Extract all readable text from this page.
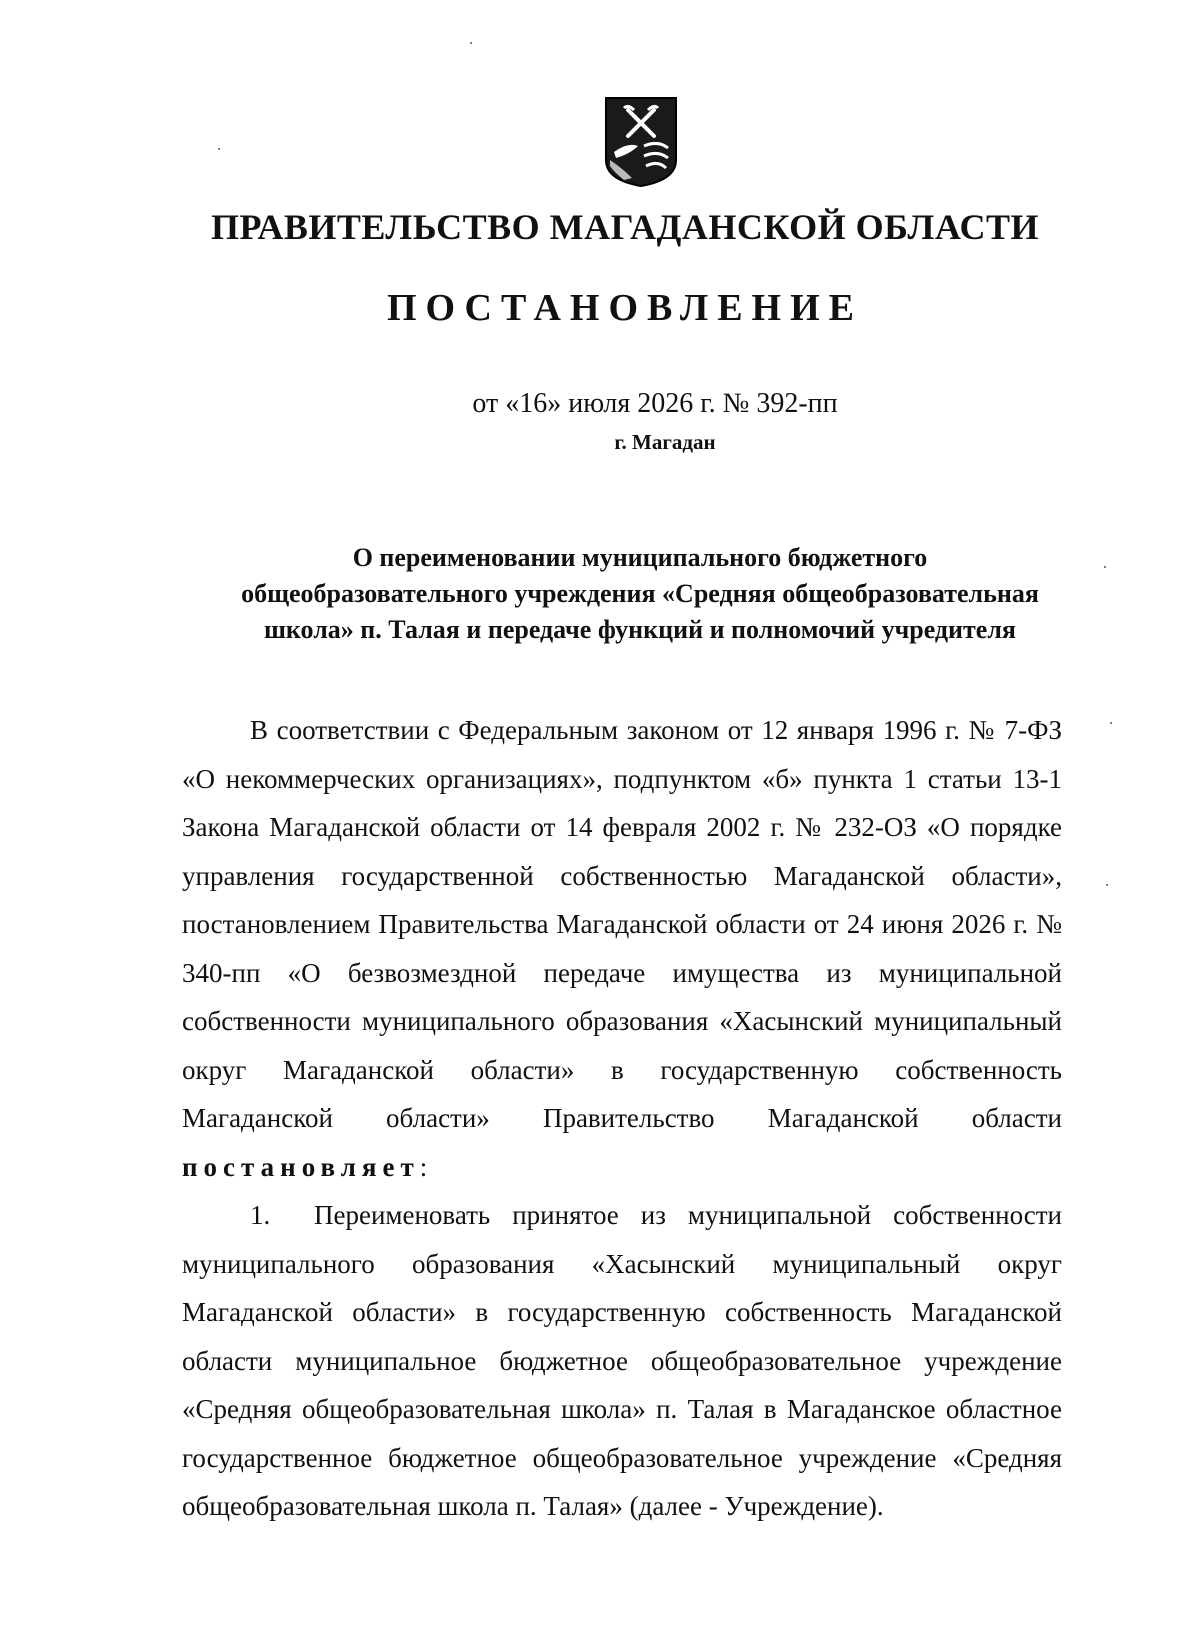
ПРАВИТЕЛЬСТВО МАГАДАНСКОЙ ОБЛАСТИ
ПОСТАНОВЛЕНИЕ
от «16» июля 2026 г. № 392-пп
г. Магадан
О переименовании муниципального бюджетного
общеобразовательного учреждения «Средняя общеобразовательная
школа» п. Талая и передаче функций и полномочий учредителя

В соответствии с Федеральным законом от 12 января 1996 г. № 7-ФЗ «О некоммерческих организациях», подпунктом «б» пункта 1 статьи 13-1 Закона Магаданской области от 14 февраля 2002 г. № 232-ОЗ «О порядке управления государственной собственностью Магаданской области», постановлением Правительства Магаданской области от 24 июня 2026 г. № 340-пп «О безвозмездной передаче имущества из муниципальной собственности муниципального образования «Хасынский муниципальный округ Магаданской области» в государственную собственность Магаданской области» Правительство Магаданской области постановляет:

1. Переименовать принятое из муниципальной собственности муниципального образования «Хасынский муниципальный округ Магаданской области» в государственную собственность Магаданской области муниципальное бюджетное общеобразовательное учреждение «Средняя общеобразовательная школа» п. Талая в Магаданское областное государственное бюджетное общеобразовательное учреждение «Средняя общеобразовательная школа п. Талая» (далее - Учреждение).
